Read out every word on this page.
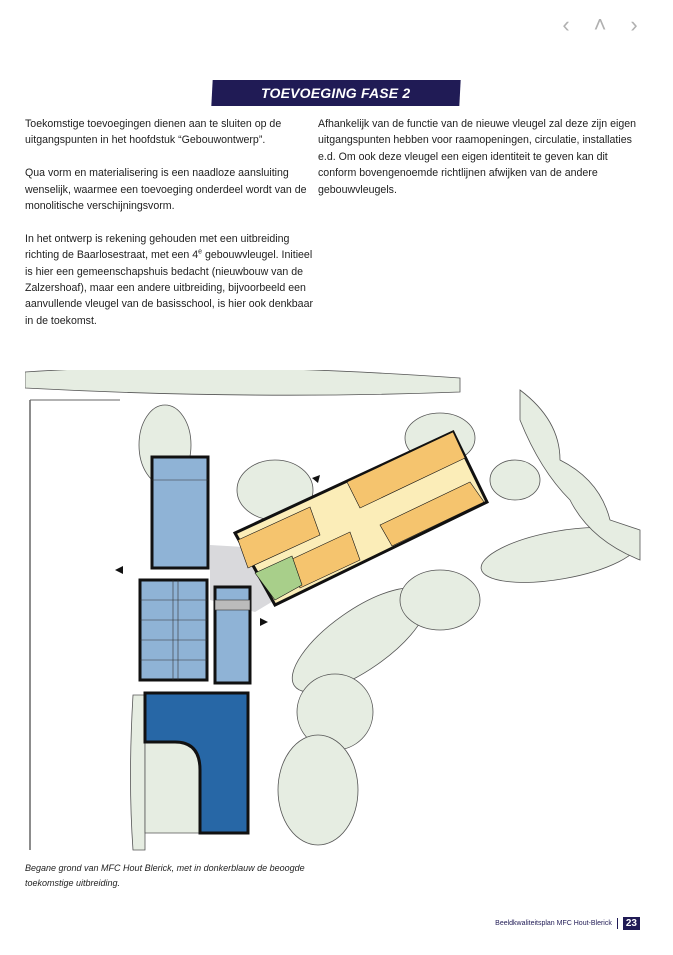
‹	˄	›
TOEVOEGING FASE 2

Toekomstige toevoegingen dienen aan te sluiten op de uitgangspunten in het hoofdstuk “Gebouwontwerp”.

Qua vorm en materialisering is een naadloze aansluiting wenselijk, waarmee een toevoeging onderdeel wordt van de monolitische verschijningsvorm.

In het ontwerp is rekening gehouden met een uitbreiding richting de Baarlosestraat, met een 4e gebouwvleugel. Initieel is hier een gemeenschapshuis bedacht (nieuwbouw van de Zalzershoaf), maar een andere uitbreiding, bijvoorbeeld een aanvullende vleugel van de basisschool, is hier ook denkbaar in de toekomst.

Afhankelijk van de functie van de nieuwe vleugel zal deze zijn eigen uitgangspunten hebben voor raamopeningen, circulatie, installaties e.d. Om ook deze vleugel een eigen identiteit te geven kan dit conform bovengenoemde richtlijnen afwijken van de andere gebouwvleugels.

Begane grond van MFC Hout Blerick, met in donkerblauw de beoogde toekomstige uitbreiding.
Beeldkwaliteitsplan MFC Hout-Blerick	23
